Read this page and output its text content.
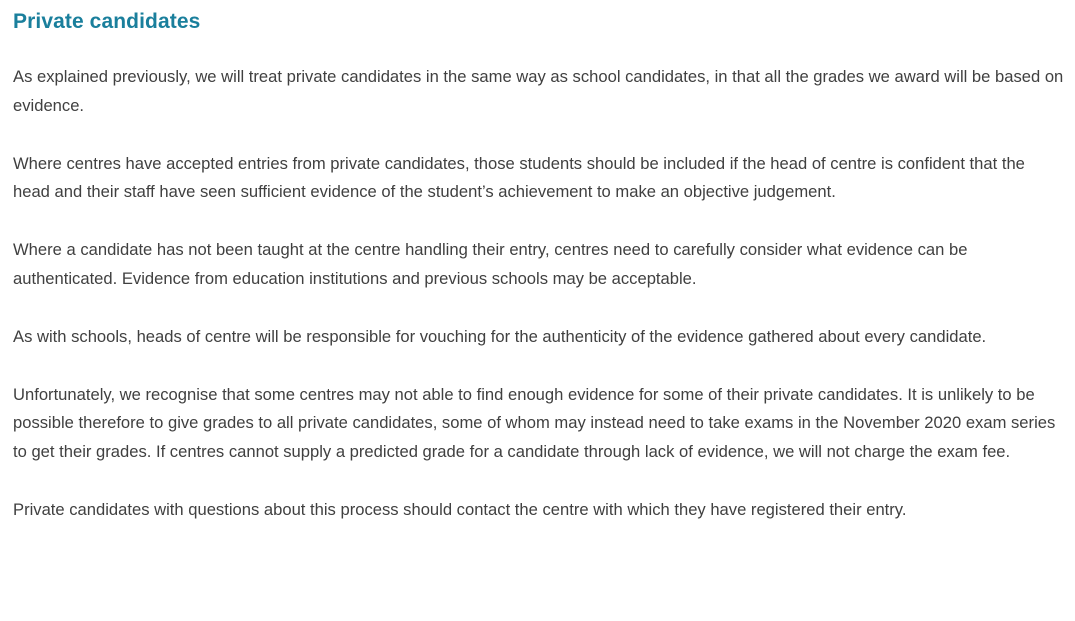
Private candidates

As explained previously, we will treat private candidates in the same way as school candidates, in that all the grades we award will be based on evidence.

Where centres have accepted entries from private candidates, those students should be included if the head of centre is confident that the head and their staff have seen sufficient evidence of the student’s achievement to make an objective judgement.

Where a candidate has not been taught at the centre handling their entry, centres need to carefully consider what evidence can be authenticated. Evidence from education institutions and previous schools may be acceptable.

As with schools, heads of centre will be responsible for vouching for the authenticity of the evidence gathered about every candidate.

Unfortunately, we recognise that some centres may not able to find enough evidence for some of their private candidates. It is unlikely to be possible therefore to give grades to all private candidates, some of whom may instead need to take exams in the November 2020 exam series to get their grades. If centres cannot supply a predicted grade for a candidate through lack of evidence, we will not charge the exam fee.

Private candidates with questions about this process should contact the centre with which they have registered their entry.
